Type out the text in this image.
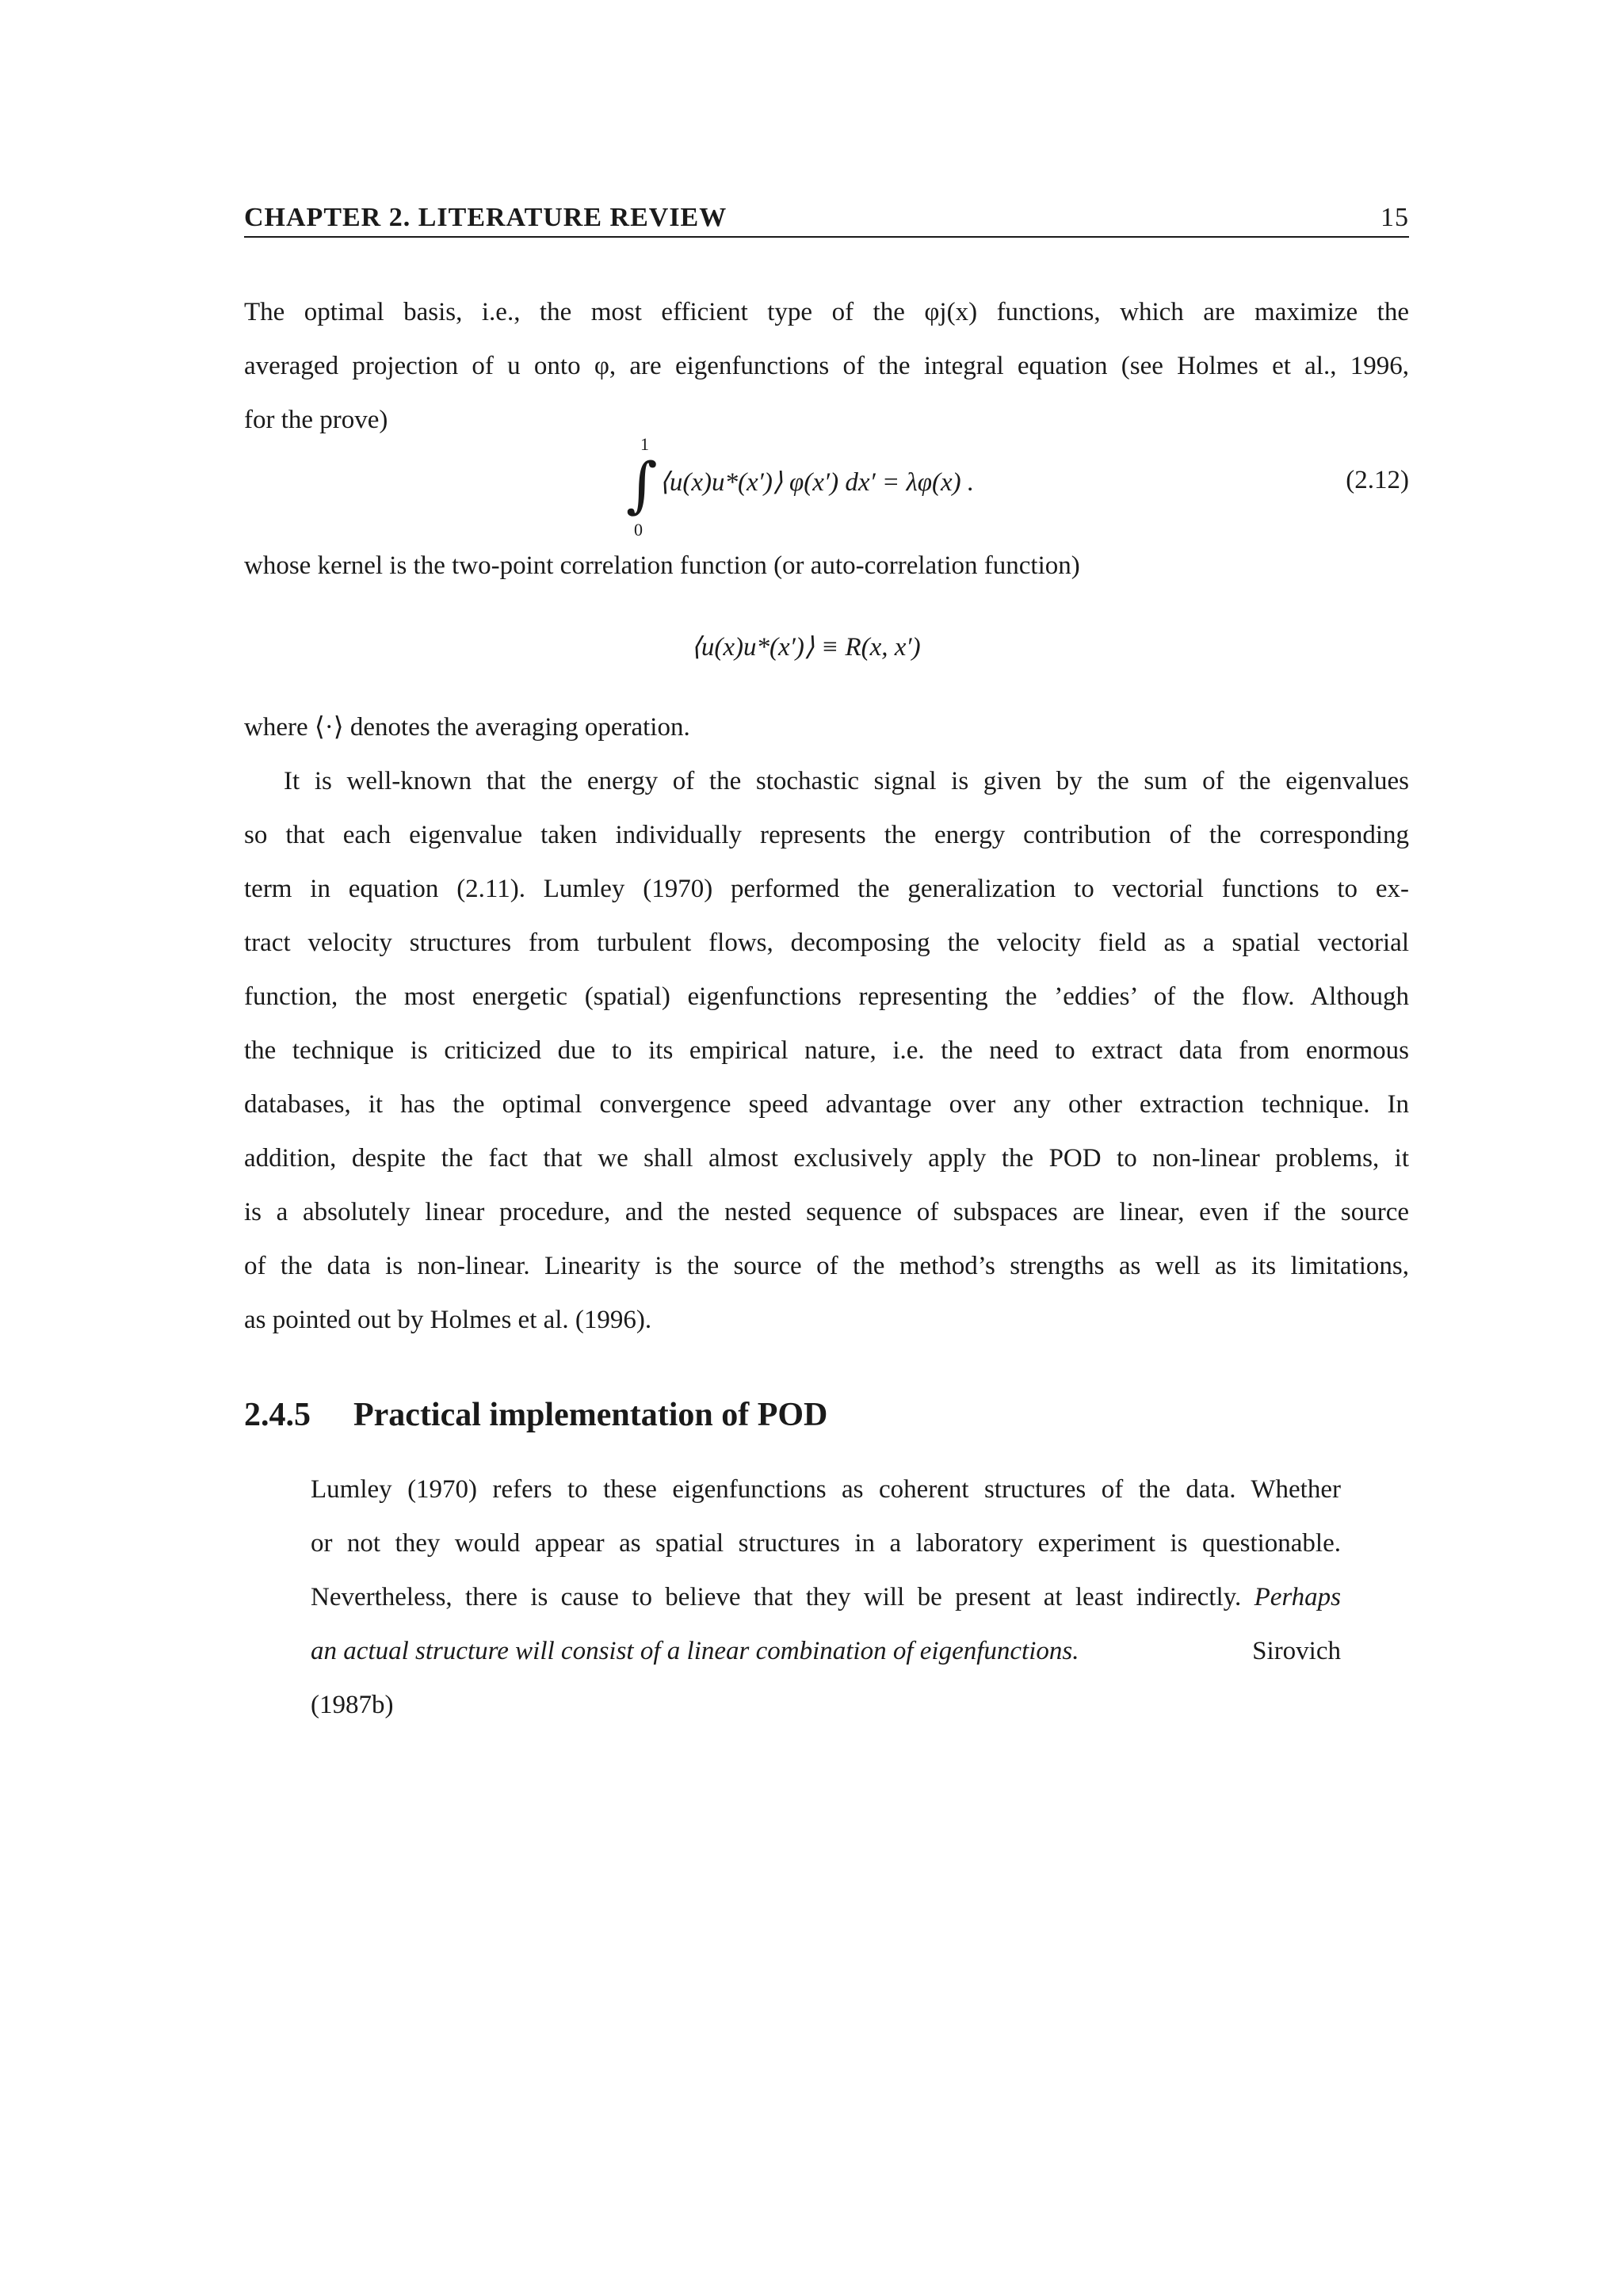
CHAPTER 2. LITERATURE REVIEW	15
The optimal basis, i.e., the most efficient type of the φj(x) functions, which are maximize the
averaged projection of u onto φ, are eigenfunctions of the integral equation (see Holmes et al., 1996,
for the prove)
1
∫
0
⟨u(x)u*(x′)⟩ φ(x′) dx′ = λφ(x) .	(2.12)
whose kernel is the two-point correlation function (or auto-correlation function)
⟨u(x)u*(x′)⟩ ≡ R(x, x′)
where ⟨·⟩ denotes the averaging operation.
It is well-known that the energy of the stochastic signal is given by the sum of the eigenvalues
so that each eigenvalue taken individually represents the energy contribution of the corresponding
term in equation (2.11). Lumley (1970) performed the generalization to vectorial functions to ex-
tract velocity structures from turbulent flows, decomposing the velocity field as a spatial vectorial
function, the most energetic (spatial) eigenfunctions representing the ’eddies’ of the flow. Although
the technique is criticized due to its empirical nature, i.e. the need to extract data from enormous
databases, it has the optimal convergence speed advantage over any other extraction technique. In
addition, despite the fact that we shall almost exclusively apply the POD to non-linear problems, it
is a absolutely linear procedure, and the nested sequence of subspaces are linear, even if the source
of the data is non-linear. Linearity is the source of the method’s strengths as well as its limitations,
as pointed out by Holmes et al. (1996).
2.4.5 Practical implementation of POD
Lumley (1970) refers to these eigenfunctions as coherent structures of the data. Whether
or not they would appear as spatial structures in a laboratory experiment is questionable.
Nevertheless, there is cause to believe that they will be present at least indirectly. Perhaps
an actual structure will consist of a linear combination of eigenfunctions.	Sirovich
(1987b)
